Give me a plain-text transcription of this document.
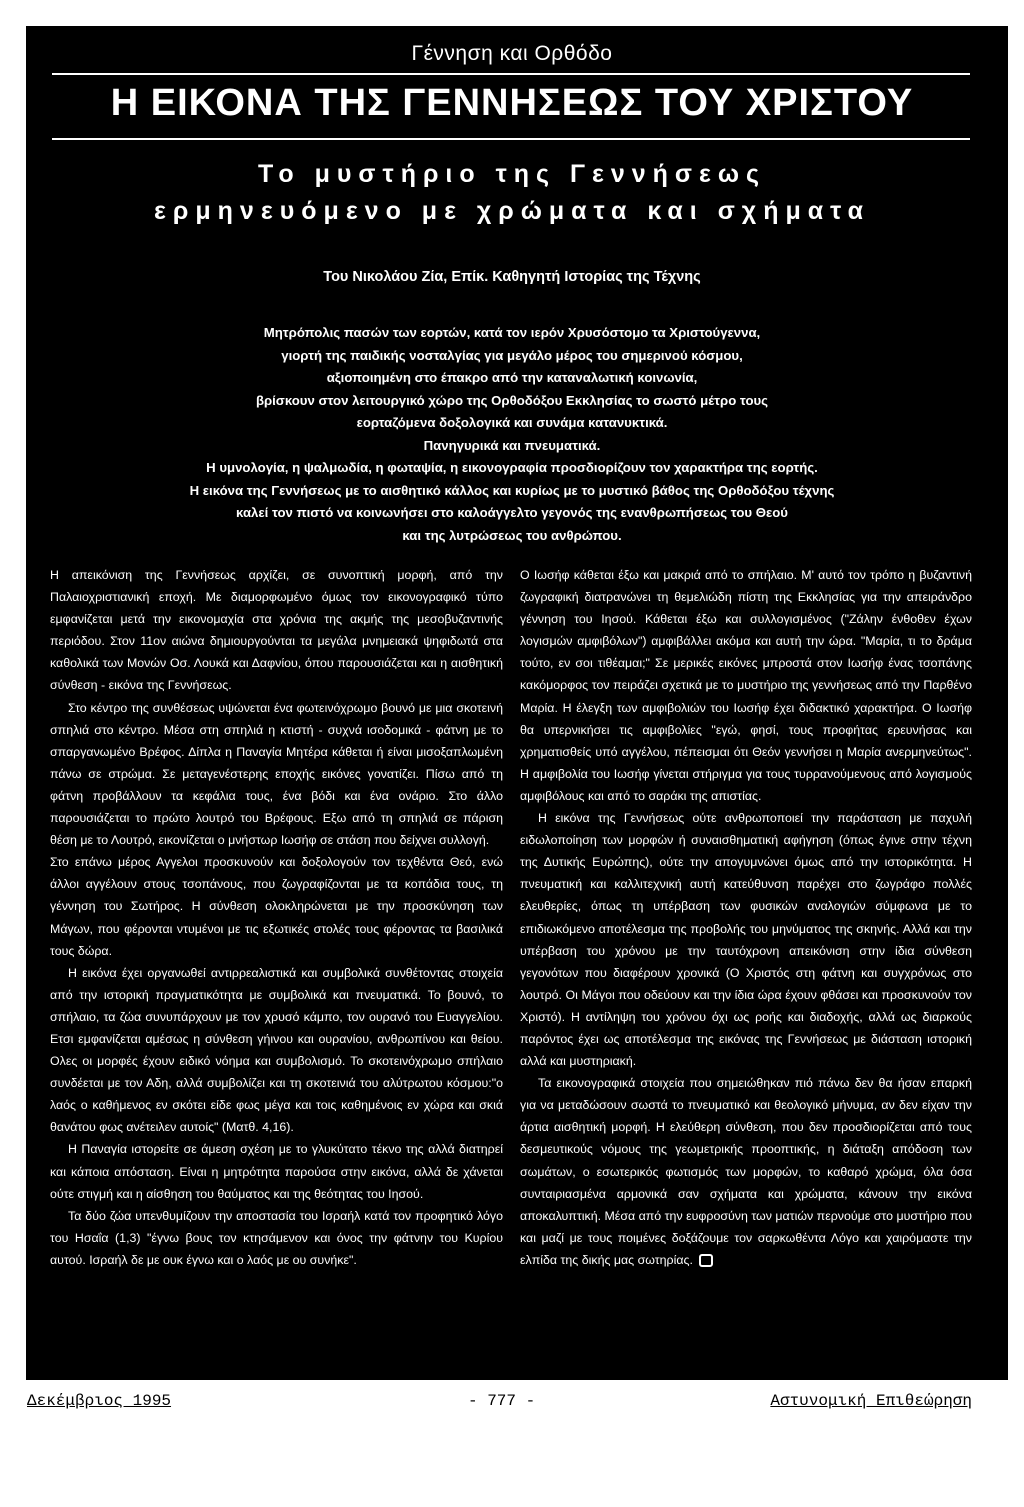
Γέννηση και Ορθόδο
Η ΕΙΚΟΝΑ ΤΗΣ ΓΕΝΝΗΣΕΩΣ ΤΟΥ ΧΡΙΣΤΟΥ
Το μυστήριο της Γεννήσεως
ερμηνευόμενο με χρώματα και σχήματα
Του Νικολάου Ζία, Επίκ. Καθηγητή Ιστορίας της Τέχνης
Μητρόπολις πασών των εορτών, κατά τον ιερόν Χρυσόστομο τα Χριστούγεννα,
γιορτή της παιδικής νοσταλγίας για μεγάλο μέρος του σημερινού κόσμου,
αξιοποιημένη στο έπακρο από την καταναλωτική κοινωνία,
βρίσκουν στον λειτουργικό χώρο της Ορθοδόξου Εκκλησίας το σωστό μέτρο τους
εορταζόμενα δοξολογικά και συνάμα κατανυκτικά.
Πανηγυρικά και πνευματικά.
Η υμνολογία, η ψαλμωδία, η φωταψία, η εικονογραφία προσδιορίζουν τον χαρακτήρα της εορτής.
Η εικόνα της Γεννήσεως με το αισθητικό κάλλος και κυρίως με το μυστικό βάθος της Ορθοδόξου τέχνης
καλεί τον πιστό να κοινωνήσει στο καλοάγγελτο γεγονός της ενανθρωπήσεως του Θεού
και της λυτρώσεως του ανθρώπου.

Η απεικόνιση της Γεννήσεως αρχίζει, σε συνοπτική μορφή, από την Παλαιοχριστιανική εποχή. Με διαμορφωμένο όμως τον εικονογραφικό τύπο εμφανίζεται μετά την εικονομαχία στα χρόνια της ακμής της μεσοβυζαντινής περιόδου. Στον 11ον αιώνα δημιουργούνται τα μεγάλα μνημειακά ψηφιδωτά στα καθολικά των Μονών Οσ. Λουκά και Δαφνίου, όπου παρουσιάζεται και η αισθητική σύνθεση - εικόνα της Γεννήσεως.

Στο κέντρο της συνθέσεως υψώνεται ένα φωτεινόχρωμο βουνό με μια σκοτεινή σπηλιά στο κέντρο. Μέσα στη σπηλιά η κτιστή - συχνά ισοδομικά - φάτνη με το σπαργανωμένο Βρέφος. Δίπλα η Παναγία Μητέρα κάθεται ή είναι μισοξαπλωμένη πάνω σε στρώμα. Σε μεταγενέστερης εποχής εικόνες γονατίζει. Πίσω από τη φάτνη προβάλλουν τα κεφάλια τους, ένα βόδι και ένα ονάριο. Στο άλλο παρουσιάζεται το πρώτο λουτρό του Βρέφους. Εξω από τη σπηλιά σε πάριση θέση με το Λουτρό, εικονίζεται ο μνήστωρ Ιωσήφ σε στάση που δείχνει συλλογή.

Στο επάνω μέρος Αγγελοι προσκυνούν και δοξολογούν τον τεχθέντα Θεό, ενώ άλλοι αγγέλουν στους τσοπάνους, που ζωγραφίζονται με τα κοπάδια τους, τη γέννηση του Σωτήρος. Η σύνθεση ολοκληρώνεται με την προσκύνηση των Μάγων, που φέρονται ντυμένοι με τις εξωτικές στολές τους φέροντας τα βασιλικά τους δώρα.

Η εικόνα έχει οργανωθεί αντιρρεαλιστικά και συμβολικά συνθέτοντας στοιχεία από την ιστορική πραγματικότητα με συμβολικά και πνευματικά. Το βουνό, το σπήλαιο, τα ζώα συνυπάρχουν με τον χρυσό κάμπο, τον ουρανό του Ευαγγελίου. Ετσι εμφανίζεται αμέσως η σύνθεση γήινου και ουρανίου, ανθρωπίνου και θείου. Ολες οι μορφές έχουν ειδικό νόημα και συμβολισμό. Το σκοτεινόχρωμο σπήλαιο συνδέεται με τον Αδη, αλλά συμβολίζει και τη σκοτεινιά του αλύτρωτου κόσμου:"ο λαός ο καθήμενος εν σκότει είδε φως μέγα και τοις καθημένοις εν χώρα και σκιά θανάτου φως ανέτειλεν αυτοίς" (Ματθ. 4,16).

Η Παναγία ιστορείτε σε άμεση σχέση με το γλυκύτατο τέκνο της αλλά διατηρεί και κάποια απόσταση. Είναι η μητρότητα παρούσα στην εικόνα, αλλά δε χάνεται ούτε στιγμή και η αίσθηση του θαύματος και της θεότητας του Ιησού.

Τα δύο ζώα υπενθυμίζουν την αποστασία του Ισραήλ κατά τον προφητικό λόγο του Ησαΐα (1,3) "έγνω βους τον κτησάμενον και όνος την φάτνην του Κυρίου αυτού. Ισραήλ δε με ουκ έγνω και ο λαός με ου συνήκε".

Ο Ιωσήφ κάθεται έξω και μακριά από το σπήλαιο. Μ' αυτό τον τρόπο η βυζαντινή ζωγραφική διατρανώνει τη θεμελιώδη πίστη της Εκκλησίας για την απειράνδρο γέννηση του Ιησού. Κάθεται έξω και συλλογισμένος ("Ζάλην ένθοθεν έχων λογισμών αμφιβόλων") αμφιβάλλει ακόμα και αυτή την ώρα. "Μαρία, τι το δράμα τούτο, εν σοι τιθέαμαι;" Σε μερικές εικόνες μπροστά στον Ιωσήφ ένας τσοπάνης κακόμορφος τον πειράζει σχετικά με το μυστήριο της γεννήσεως από την Παρθένο Μαρία. Η έλεγξη των αμφιβολιών του Ιωσήφ έχει διδακτικό χαρακτήρα. Ο Ιωσήφ θα υπερνικήσει τις αμφιβολίες "εγώ, φησί, τους προφήτας ερευνήσας και χρηματισθείς υπό αγγέλου, πέπεισμαι ότι Θεόν γεννήσει η Μαρία ανερμηνεύτως". Η αμφιβολία του Ιωσήφ γίνεται στήριγμα για τους τυρρανούμενους από λογισμούς αμφιβόλους και από το σαράκι της απιστίας.

Η εικόνα της Γεννήσεως ούτε ανθρωποποιεί την παράσταση με παχυλή ειδωλοποίηση των μορφών ή συναισθηματική αφήγηση (όπως έγινε στην τέχνη της Δυτικής Ευρώπης), ούτε την απογυμνώνει όμως από την ιστορικότητα. Η πνευματική και καλλιτεχνική αυτή κατεύθυνση παρέχει στο ζωγράφο πολλές ελευθερίες, όπως τη υπέρβαση των φυσικών αναλογιών σύμφωνα με το επιδιωκόμενο αποτέλεσμα της προβολής του μηνύματος της σκηνής. Αλλά και την υπέρβαση του χρόνου με την ταυτόχρονη απεικόνιση στην ίδια σύνθεση γεγονότων που διαφέρουν χρονικά (Ο Χριστός στη φάτνη και συγχρόνως στο λουτρό. Οι Μάγοι που οδεύουν και την ίδια ώρα έχουν φθάσει και προσκυνούν τον Χριστό). Η αντίληψη του χρόνου όχι ως ροής και διαδοχής, αλλά ως διαρκούς παρόντος έχει ως αποτέλεσμα της εικόνας της Γεννήσεως με διάσταση ιστορική αλλά και μυστηριακή.

Τα εικονογραφικά στοιχεία που σημειώθηκαν πιό πάνω δεν θα ήσαν επαρκή για να μεταδώσουν σωστά το πνευματικό και θεολογικό μήνυμα, αν δεν είχαν την άρτια αισθητική μορφή. Η ελεύθερη σύνθεση, που δεν προσδιορίζεται από τους δεσμευτικούς νόμους της γεωμετρικής προοπτικής, η διάταξη απόδοση των σωμάτων, ο εσωτερικός φωτισμός των μορφών, το καθαρό χρώμα, όλα όσα συνταιριασμένα αρμονικά σαν σχήματα και χρώματα, κάνουν την εικόνα αποκαλυπτική. Μέσα από την ευφροσύνη των ματιών περνούμε στο μυστήριο που και μαζί με τους ποιμένες δοξάζουμε τον σαρκωθέντα Λόγο και χαιρόμαστε την ελπίδα της δικής μας σωτηρίας.

Δεκέμβριος 1995	- 777 -	Αστυνομική Επιθεώρηση
